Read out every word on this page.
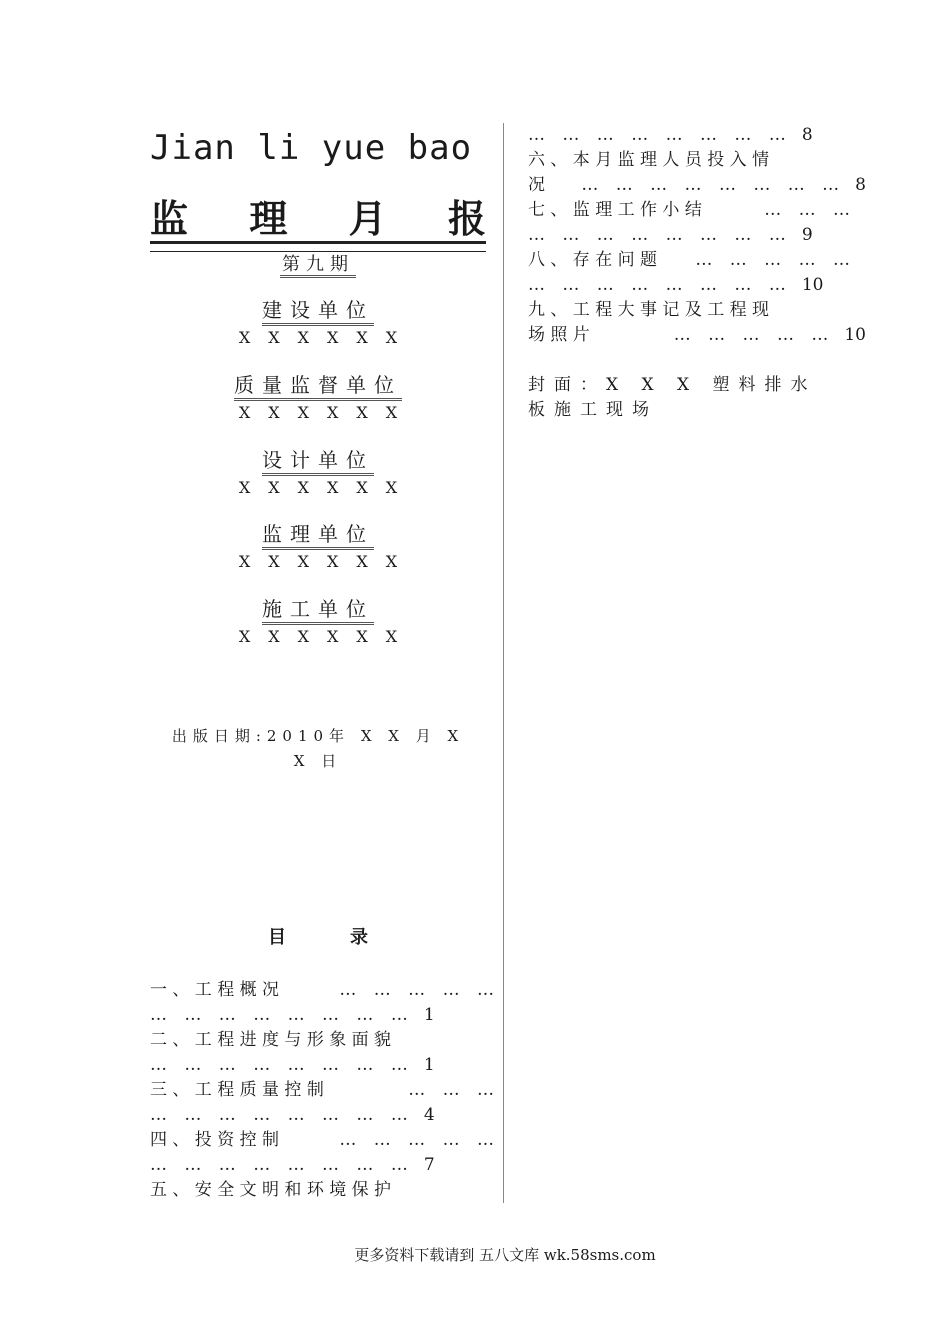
Jian li yue bao
监 理 月 报
第九期
建设单位
XXXXXX
质量监督单位
XXXXXX
设计单位
XXXXXX
监理单位
XXXXXX
施工单位
XXXXXX
出版日期:2010年 X X 月 X
X 日
目	录
一 、 工 程 概 况	… … … … …
… … … … … … … … 1
二 、 工 程 进 度 与 形 象 面 貌
… … … … … … … … 1
三 、 工 程 质 量 控 制	… … …
… … … … … … … … 4
四 、 投 资 控 制	… … … … …
… … … … … … … … 7
五 、 安 全 文 明 和 环 境 保 护
… … … … … … … … 8
六 、 本 月 监 理 人 员 投 入 情
况 … … … … … … … … 8
七 、 监 理 工 作 小 结	… … …
… … … … … … … … 9
八 、 存 在 问 题 … … … … …
… … … … … … … … 10
九 、 工 程 大 事 记 及 工 程 现
场 照 片	… … … … … 10
封面：X X X 塑料排水
板施工现场
更多资料下载请到 五八文库 wk.58sms.com
